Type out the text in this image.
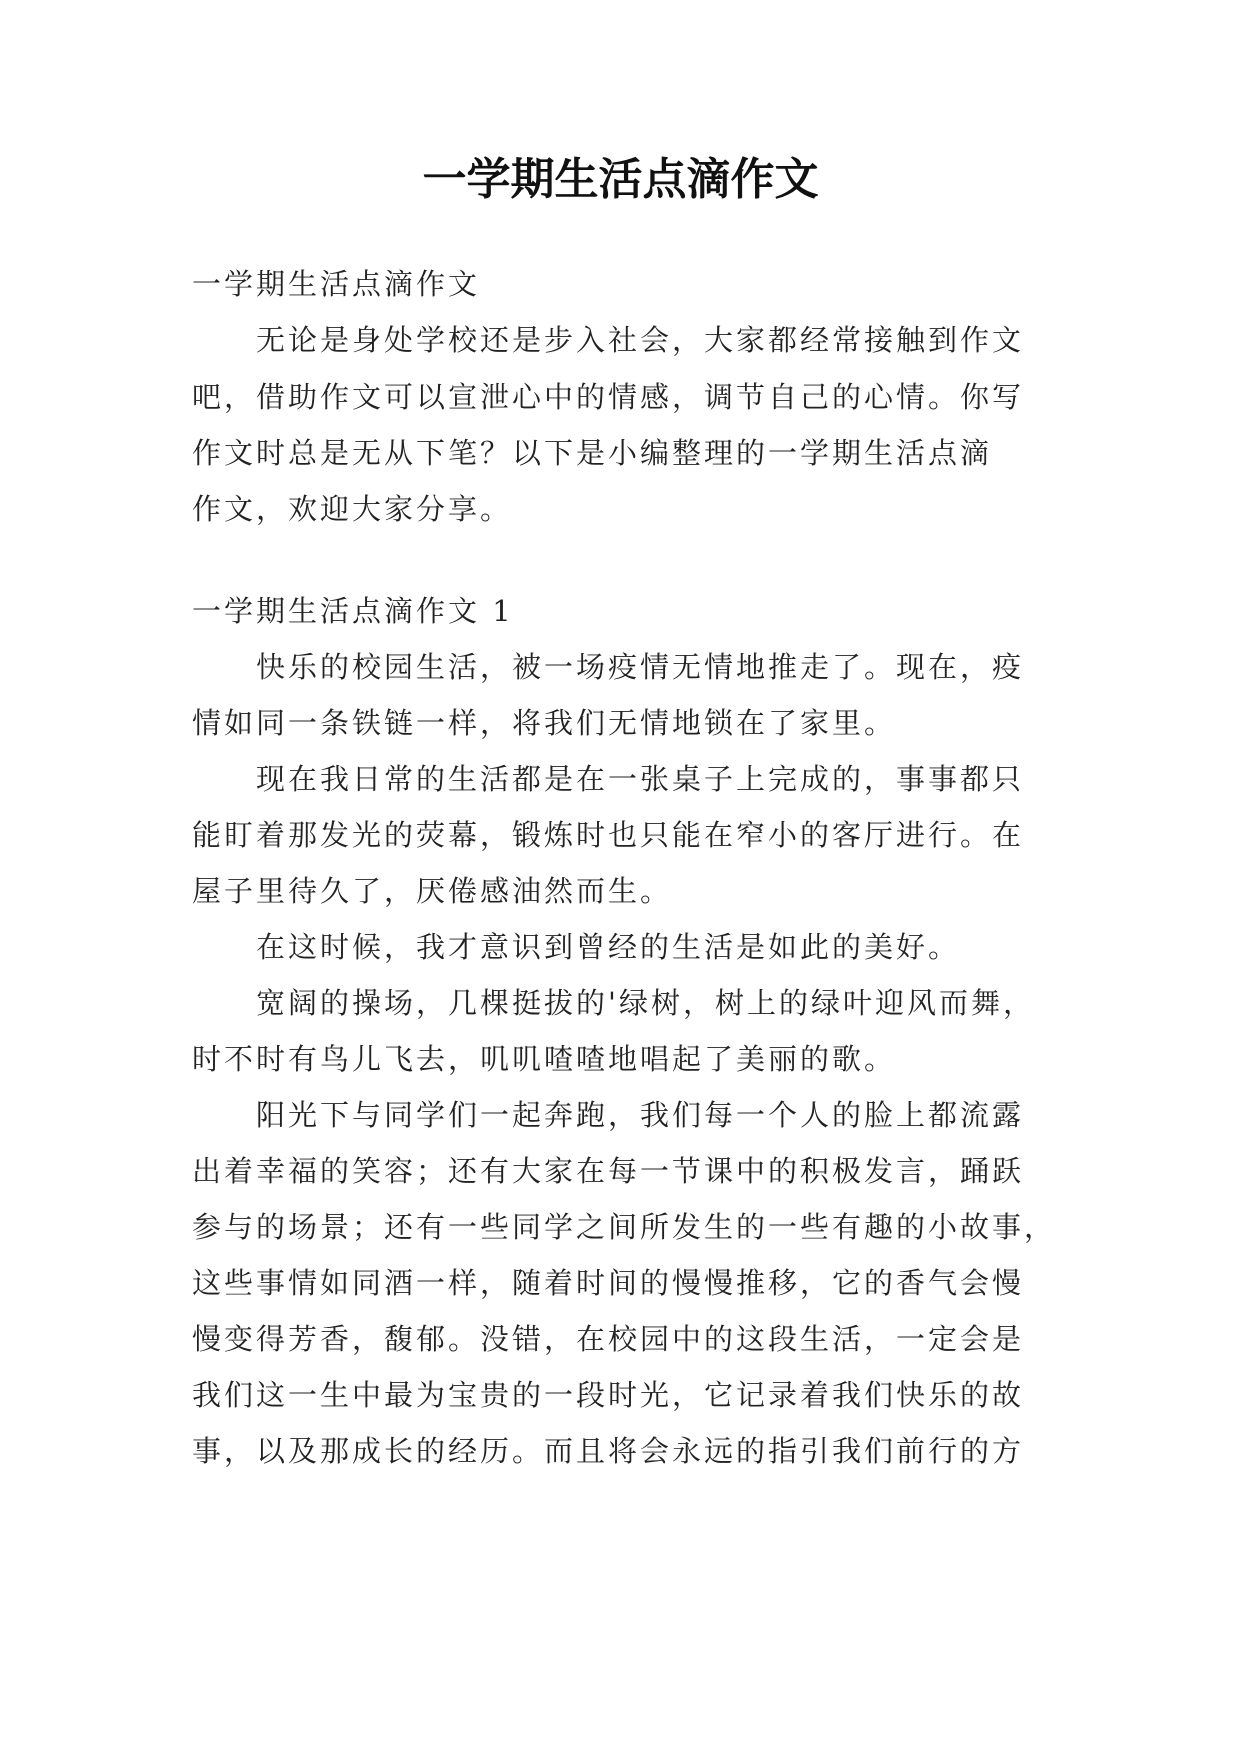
一学期生活点滴作文
一学期生活点滴作文
无论是身处学校还是步入社会，大家都经常接触到作文
吧，借助作文可以宣泄心中的情感，调节自己的心情。你写
作文时总是无从下笔？以下是小编整理的一学期生活点滴
作文，欢迎大家分享。
一学期生活点滴作文 1
快乐的校园生活，被一场疫情无情地推走了。现在，疫
情如同一条铁链一样，将我们无情地锁在了家里。
现在我日常的生活都是在一张桌子上完成的，事事都只
能盯着那发光的荧幕，锻炼时也只能在窄小的客厅进行。在
屋子里待久了，厌倦感油然而生。
在这时候，我才意识到曾经的生活是如此的美好。
宽阔的操场，几棵挺拔的'绿树，树上的绿叶迎风而舞，
时不时有鸟儿飞去，叽叽喳喳地唱起了美丽的歌。
阳光下与同学们一起奔跑，我们每一个人的脸上都流露
出着幸福的笑容；还有大家在每一节课中的积极发言，踊跃
参与的场景；还有一些同学之间所发生的一些有趣的小故事，
这些事情如同酒一样，随着时间的慢慢推移，它的香气会慢
慢变得芳香，馥郁。没错，在校园中的这段生活，一定会是
我们这一生中最为宝贵的一段时光，它记录着我们快乐的故
事，以及那成长的经历。而且将会永远的指引我们前行的方
